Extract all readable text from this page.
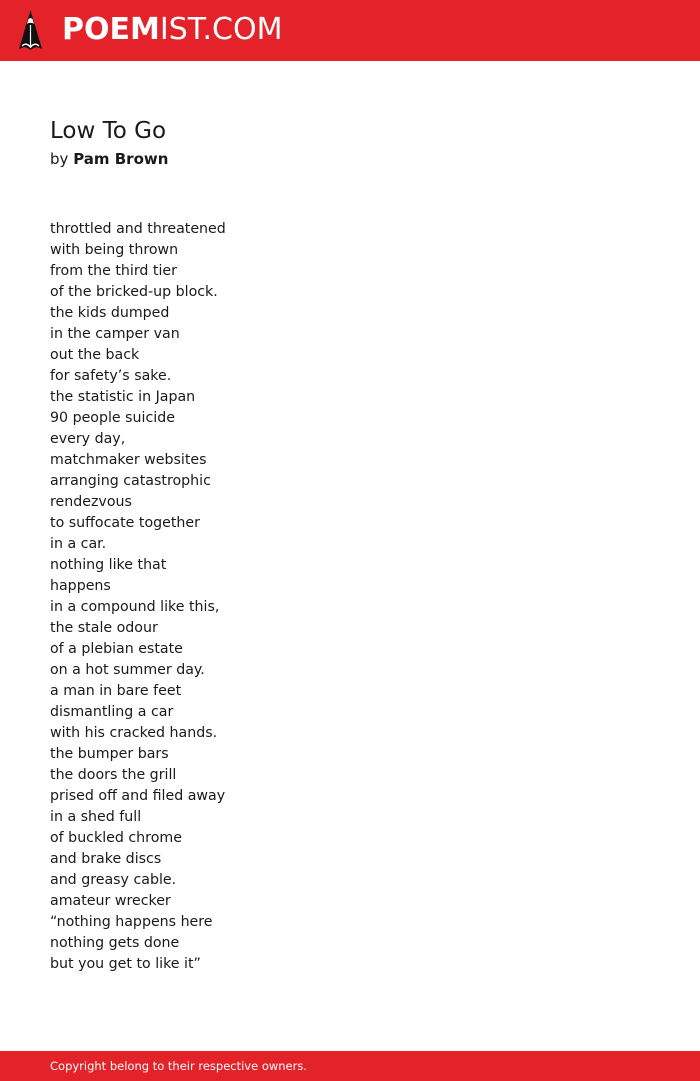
POEMIST.COM
Low To Go
by Pam Brown
throttled and threatened
with being thrown
from the third tier
of the bricked-up block.
the kids dumped
in the camper van
out the back
for safety’s sake.
the statistic in Japan
90 people suicide
every day,
matchmaker websites
arranging catastrophic
rendezvous
to suffocate together
in a car.
nothing like that
happens
in a compound like this,
the stale odour
of a plebian estate
on a hot summer day.
a man in bare feet
dismantling a car
with his cracked hands.
the bumper bars
the doors the grill
prised off and filed away
in a shed full
of buckled chrome
and brake discs
and greasy cable.
amateur wrecker
“nothing happens here
nothing gets done
but you get to like it”
Copyright belong to their respective owners.
